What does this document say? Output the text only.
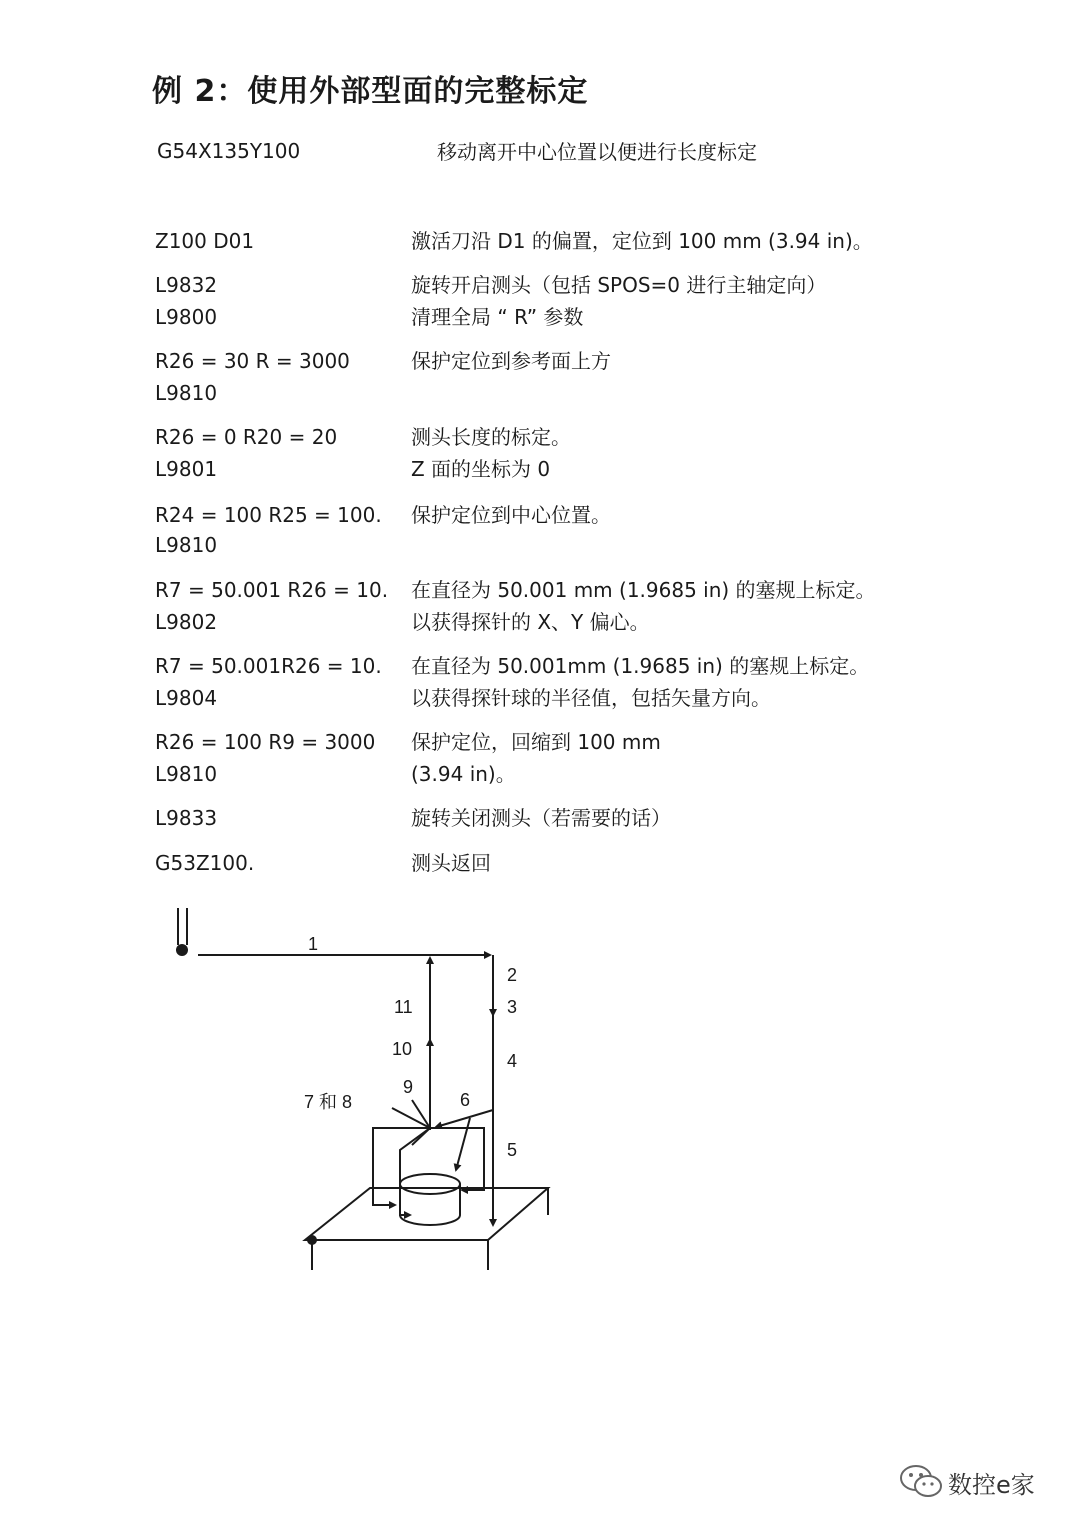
例 2：使用外部型面的完整标定
G54X135Y100	移动离开中心位置以便进行长度标定
Z100 D01	激活刀沿 D1 的偏置，定位到 100 mm (3.94 in)。
L9832	旋转开启测头（包括 SPOS=0 进行主轴定向）
L9800	清理全局 “ R” 参数
R26 = 30 R = 3000	保护定位到参考面上方
L9810
R26 = 0 R20 = 20	测头长度的标定。
L9801	Z 面的坐标为 0
R24 = 100 R25 = 100. 保护定位到中心位置。
L9810
R7 = 50.001 R26 = 10. 在直径为 50.001 mm (1.9685 in) 的塞规上标定。
L9802	以获得探针的 X、Y 偏心。
R7 = 50.001R26 = 10. 在直径为 50.001mm (1.9685 in) 的塞规上标定。
L9804	以获得探针球的半径值，包括矢量方向。
R26 = 100 R9 = 3000 保护定位，回缩到 100 mm
L9810	(3.94 in)。
L9833	旋转关闭测头（若需要的话）
G53Z100.	测头返回
1
2
3
4
5
6
7 和 8
9
10
11
数控e家
